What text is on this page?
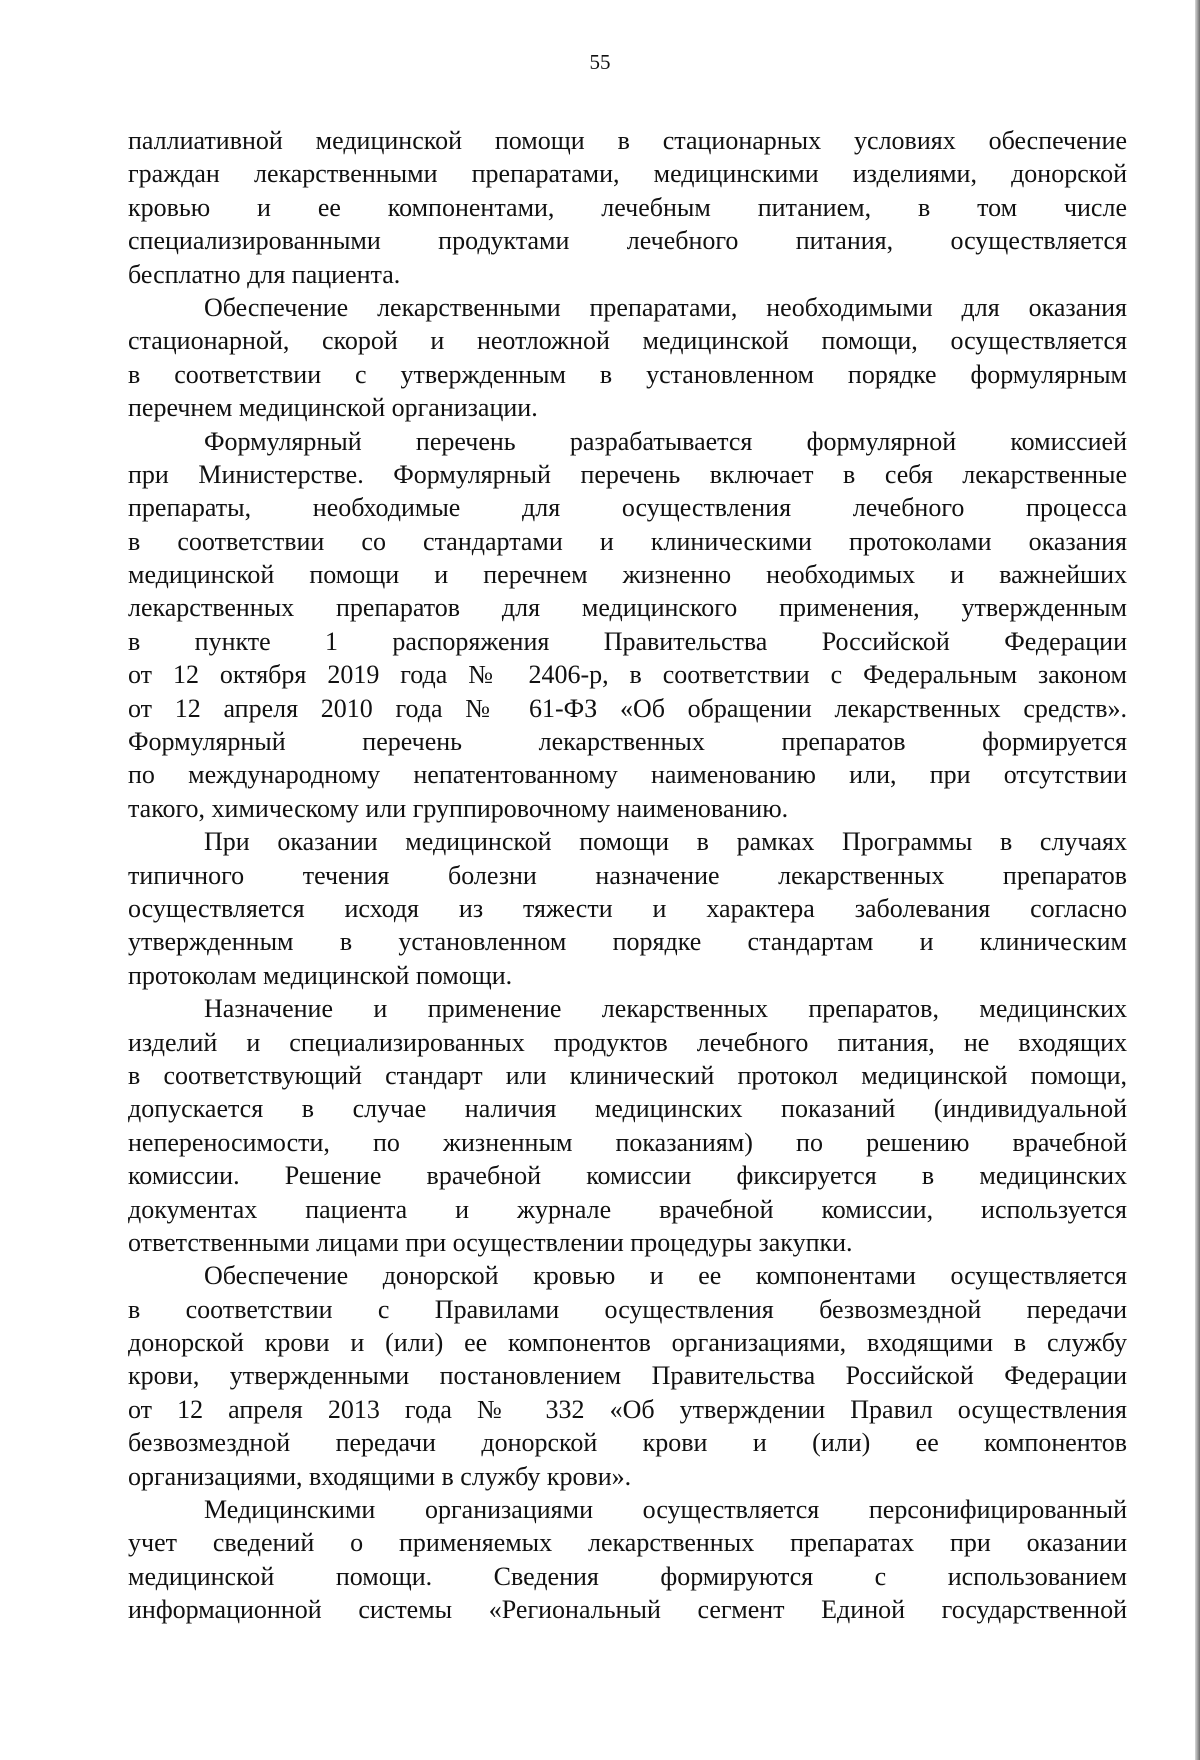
55
паллиативной медицинской помощи в стационарных условиях обеспечение
граждан лекарственными препаратами, медицинскими изделиями, донорской
кровью и ее компонентами, лечебным питанием, в том числе
специализированными продуктами лечебного питания, осуществляется
бесплатно для пациента.
Обеспечение лекарственными препаратами, необходимыми для оказания
стационарной, скорой и неотложной медицинской помощи, осуществляется
в соответствии с утвержденным в установленном порядке формулярным
перечнем медицинской организации.
Формулярный перечень разрабатывается формулярной комиссией
при Министерстве. Формулярный перечень включает в себя лекарственные
препараты, необходимые для осуществления лечебного процесса
в соответствии со стандартами и клиническими протоколами оказания
медицинской помощи и перечнем жизненно необходимых и важнейших
лекарственных препаратов для медицинского применения, утвержденным
в пункте 1 распоряжения Правительства Российской Федерации
от 12 октября 2019 года № 2406-р, в соответствии с Федеральным законом
от 12 апреля 2010 года № 61-ФЗ «Об обращении лекарственных средств».
Формулярный перечень лекарственных препаратов формируется
по международному непатентованному наименованию или, при отсутствии
такого, химическому или группировочному наименованию.
При оказании медицинской помощи в рамках Программы в случаях
типичного течения болезни назначение лекарственных препаратов
осуществляется исходя из тяжести и характера заболевания согласно
утвержденным в установленном порядке стандартам и клиническим
протоколам медицинской помощи.
Назначение и применение лекарственных препаратов, медицинских
изделий и специализированных продуктов лечебного питания, не входящих
в соответствующий стандарт или клинический протокол медицинской помощи,
допускается в случае наличия медицинских показаний (индивидуальной
непереносимости, по жизненным показаниям) по решению врачебной
комиссии. Решение врачебной комиссии фиксируется в медицинских
документах пациента и журнале врачебной комиссии, используется
ответственными лицами при осуществлении процедуры закупки.
Обеспечение донорской кровью и ее компонентами осуществляется
в соответствии с Правилами осуществления безвозмездной передачи
донорской крови и (или) ее компонентов организациями, входящими в службу
крови, утвержденными постановлением Правительства Российской Федерации
от 12 апреля 2013 года № 332 «Об утверждении Правил осуществления
безвозмездной передачи донорской крови и (или) ее компонентов
организациями, входящими в службу крови».
Медицинскими организациями осуществляется персонифицированный
учет сведений о применяемых лекарственных препаратах при оказании
медицинской помощи. Сведения формируются с использованием
информационной системы «Региональный сегмент Единой государственной
